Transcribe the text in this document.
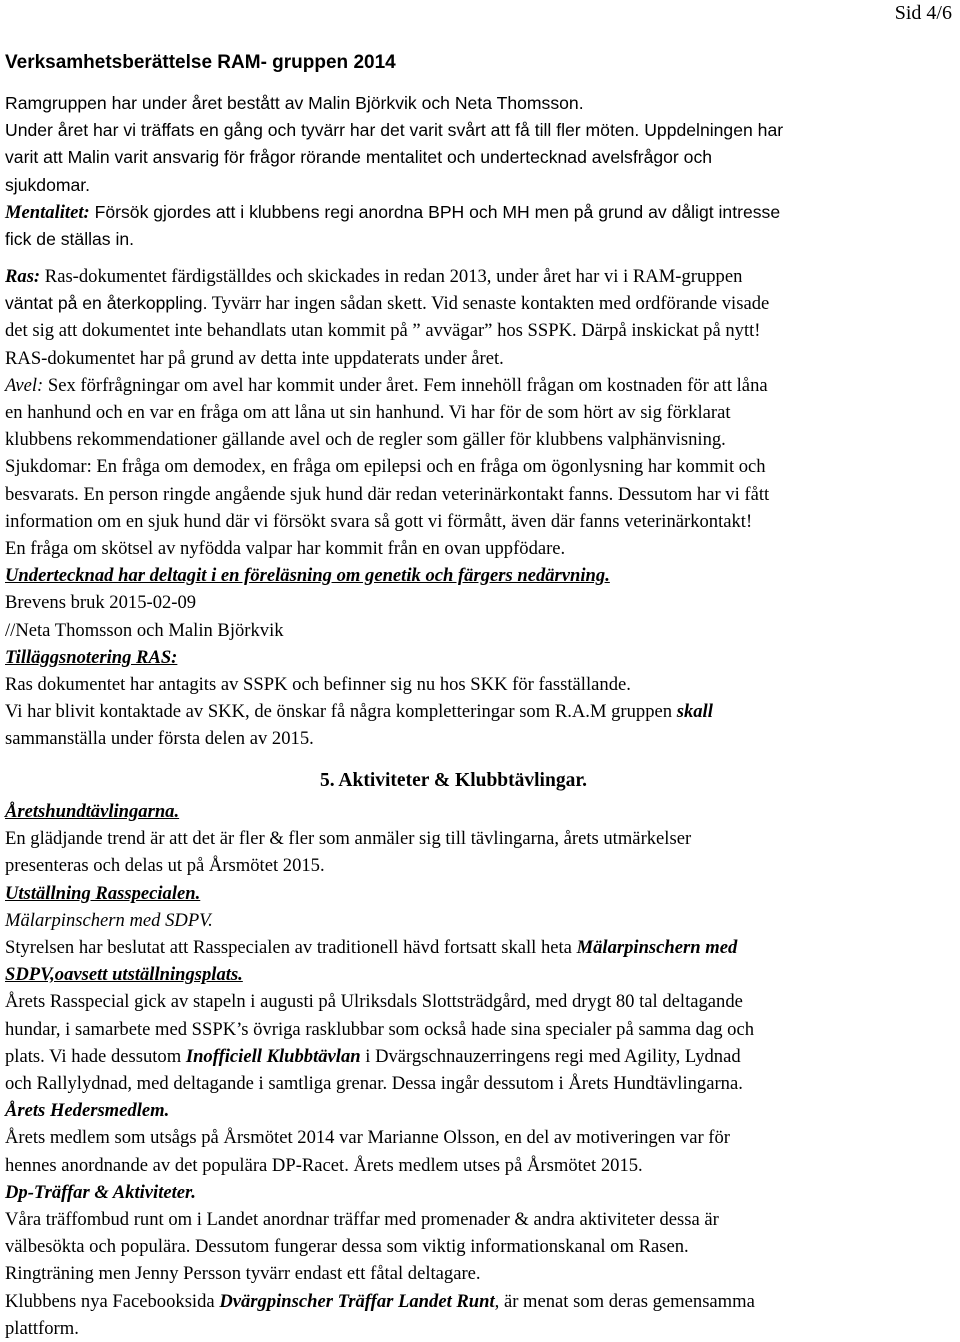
Sid 4/6
Verksamhetsberättelse RAM- gruppen 2014

Ramgruppen har under året bestått av Malin Björkvik och Neta Thomsson.

Under året har vi träffats en gång och tyvärr har det varit svårt att få till fler möten. Uppdelningen har

varit att Malin varit ansvarig för frågor rörande mentalitet och undertecknad avelsfrågor och

sjukdomar.

Mentalitet: Försök gjordes att i klubbens regi anordna BPH och MH men på grund av dåligt intresse

fick de ställas in.

Ras: Ras-dokumentet färdigställdes och skickades in redan 2013, under året har vi i RAM-gruppen

väntat på en återkoppling. Tyvärr har ingen sådan skett. Vid senaste kontakten med ordförande visade

det sig att dokumentet inte behandlats utan kommit på ” avvägar” hos SSPK. Därpå inskickat på nytt!

RAS-dokumentet har på grund av detta inte uppdaterats under året.

Avel: Sex förfrågningar om avel har kommit under året. Fem innehöll frågan om kostnaden för att låna

en hanhund och en var en fråga om att låna ut sin hanhund. Vi har för de som hört av sig förklarat

klubbens rekommendationer gällande avel och de regler som gäller för klubbens valphänvisning.

Sjukdomar: En fråga om demodex, en fråga om epilepsi och en fråga om ögonlysning har kommit och

besvarats. En person ringde angående sjuk hund där redan veterinärkontakt fanns. Dessutom har vi fått

information om en sjuk hund där vi försökt svara så gott vi förmått, även där fanns veterinärkontakt!

En fråga om skötsel av nyfödda valpar har kommit från en ovan uppfödare.

Undertecknad har deltagit i en föreläsning om genetik och färgers nedärvning.

Brevens bruk 2015-02-09

//Neta Thomsson och Malin Björkvik

Tilläggsnotering RAS:

Ras dokumentet har antagits av SSPK och befinner sig nu hos SKK för fasställande.

Vi har blivit kontaktade av SKK, de önskar få några kompletteringar som R.A.M gruppen skall

sammanställa under första delen av 2015.

5. Aktiviteter & Klubbtävlingar.

Åretshundtävlingarna.

En glädjande trend är att det är fler & fler som anmäler sig till tävlingarna, årets utmärkelser

presenteras och delas ut på Årsmötet 2015.

Utställning Rasspecialen.

Mälarpinschern med SDPV.

Styrelsen har beslutat att Rasspecialen av traditionell hävd fortsatt skall heta Mälarpinschern med

SDPV,oavsett utställningsplats.

Årets Rasspecial gick av stapeln i augusti på Ulriksdals Slottsträdgård, med drygt 80 tal deltagande

hundar, i samarbete med SSPK’s övriga rasklubbar som också hade sina specialer på samma dag och

plats. Vi hade dessutom Inofficiell Klubbtävlan i Dvärgschnauzerringens regi med Agility, Lydnad

och Rallylydnad, med deltagande i samtliga grenar. Dessa ingår dessutom i Årets Hundtävlingarna.

Årets Hedersmedlem.

Årets medlem som utsågs på Årsmötet 2014 var Marianne Olsson, en del av motiveringen var för

hennes anordnande av det populära DP-Racet. Årets medlem utses på Årsmötet 2015.

Dp-Träffar & Aktiviteter.

Våra träffombud runt om i Landet anordnar träffar med promenader & andra aktiviteter dessa är

välbesökta och populära. Dessutom fungerar dessa som viktig informationskanal om Rasen.

Ringträning men Jenny Persson tyvärr endast ett fåtal deltagare.

Klubbens nya Facebooksida Dvärgpinscher Träffar Landet Runt, är menat som deras gemensamma

plattform.
